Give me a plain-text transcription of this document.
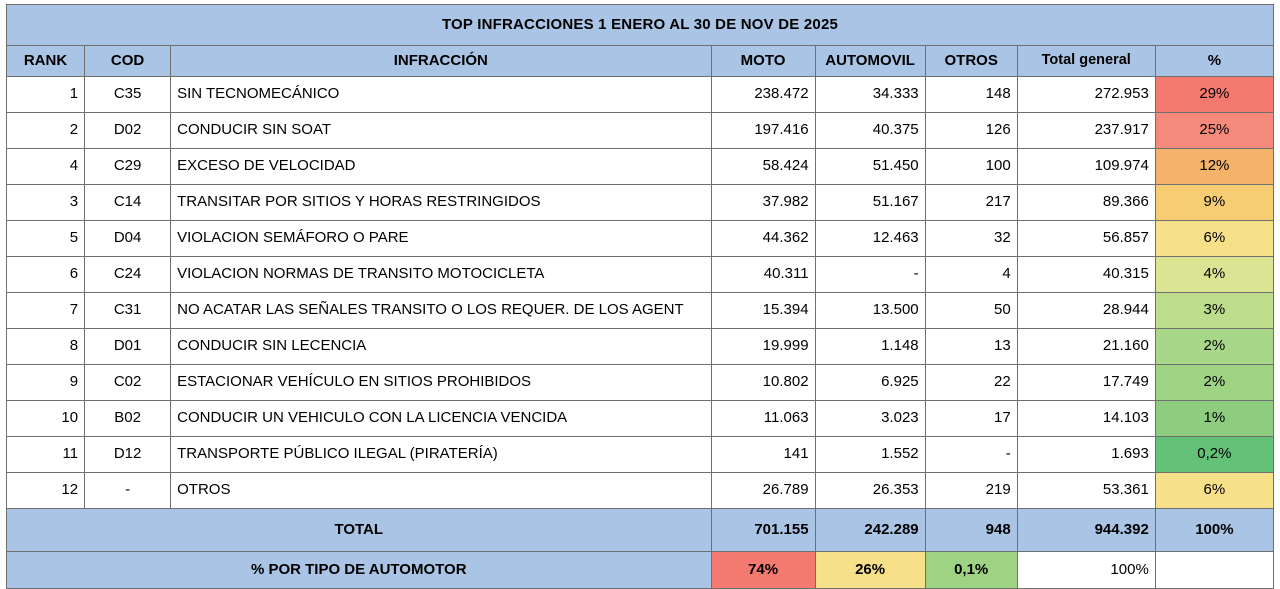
TOP INFRACCIONES 1 ENERO AL 30 DE NOV DE 2025							
RANK	COD	INFRACCIÓN	MOTO	AUTOMOVIL	OTROS	Total general	%
1	C35	SIN TECNOMECÁNICO	238.472	34.333	148	272.953	29%
2	D02	CONDUCIR SIN SOAT	197.416	40.375	126	237.917	25%
4	C29	EXCESO DE VELOCIDAD	58.424	51.450	100	109.974	12%
3	C14	TRANSITAR POR SITIOS Y HORAS RESTRINGIDOS	37.982	51.167	217	89.366	9%
5	D04	VIOLACION SEMÁFORO O PARE	44.362	12.463	32	56.857	6%
6	C24	VIOLACION NORMAS DE TRANSITO MOTOCICLETA	40.311	-	4	40.315	4%
7	C31	NO ACATAR LAS SEÑALES TRANSITO O LOS REQUER. DE LOS AGENT	15.394	13.500	50	28.944	3%
8	D01	CONDUCIR SIN LECENCIA	19.999	1.148	13	21.160	2%
9	C02	ESTACIONAR VEHÍCULO EN SITIOS PROHIBIDOS	10.802	6.925	22	17.749	2%
10	B02	CONDUCIR UN VEHICULO CON LA LICENCIA VENCIDA	11.063	3.023	17	14.103	1%
11	D12	TRANSPORTE PÚBLICO ILEGAL (PIRATERÍA)	141	1.552	-	1.693	0,2%
12	-	OTROS	26.789	26.353	219	53.361	6%
TOTAL			701.155	242.289	948	944.392	100%
% POR TIPO DE AUTOMOTOR			74%	26%	0,1%	100%	
